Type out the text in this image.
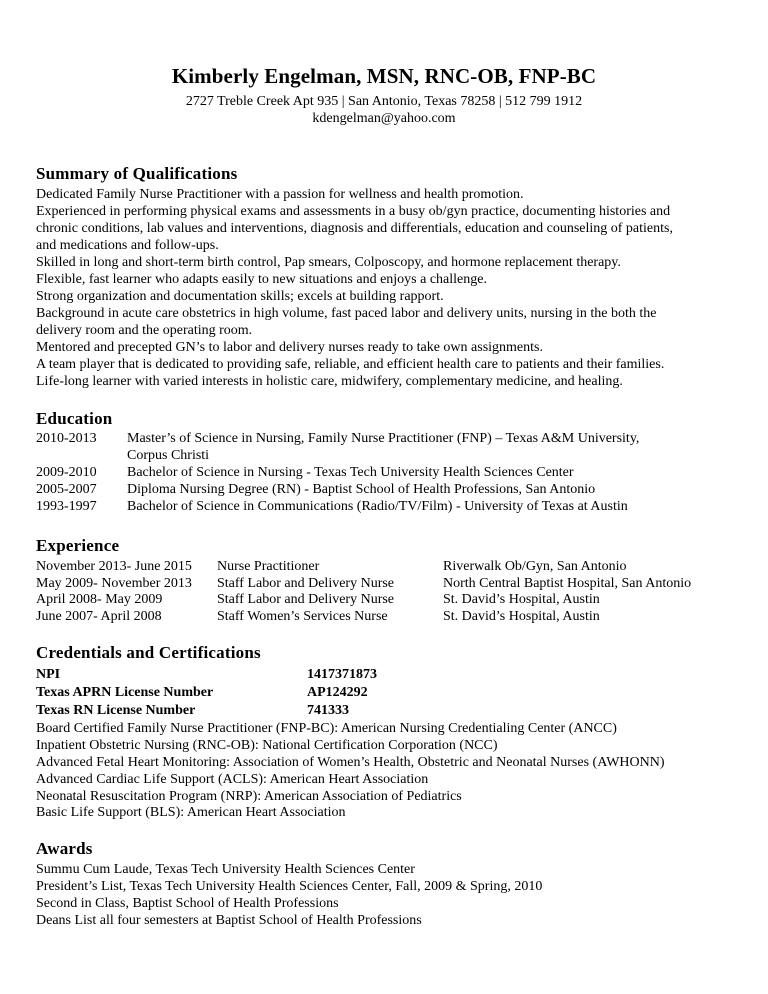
Kimberly Engelman, MSN, RNC-OB, FNP-BC
2727 Treble Creek Apt 935 | San Antonio, Texas 78258 | 512 799 1912
kdengelman@yahoo.com
Summary of Qualifications
Dedicated Family Nurse Practitioner with a passion for wellness and health promotion.
Experienced in performing physical exams and assessments in a busy ob/gyn practice, documenting histories and
chronic conditions, lab values and interventions, diagnosis and differentials, education and counseling of patients,
and medications and follow-ups.
Skilled in long and short-term birth control, Pap smears, Colposcopy, and hormone replacement therapy.
Flexible, fast learner who adapts easily to new situations and enjoys a challenge.
Strong organization and documentation skills; excels at building rapport.
Background in acute care obstetrics in high volume, fast paced labor and delivery units, nursing in the both the
delivery room and the operating room.
Mentored and precepted GN’s to labor and delivery nurses ready to take own assignments.
A team player that is dedicated to providing safe, reliable, and efficient health care to patients and their families.
Life-long learner with varied interests in holistic care, midwifery, complementary medicine, and healing.
Education
2010-2013 Master’s of Science in Nursing, Family Nurse Practitioner (FNP) – Texas A&M University,
Corpus Christi
2009-2010 Bachelor of Science in Nursing - Texas Tech University Health Sciences Center
2005-2007 Diploma Nursing Degree (RN) - Baptist School of Health Professions, San Antonio
1993-1997 Bachelor of Science in Communications (Radio/TV/Film) - University of Texas at Austin
Experience
November 2013- June 2015 Nurse Practitioner	Riverwalk Ob/Gyn, San Antonio
May 2009- November 2013 Staff Labor and Delivery Nurse	North Central Baptist Hospital, San Antonio
April 2008- May 2009	Staff Labor and Delivery Nurse	St. David’s Hospital, Austin
June 2007- April 2008	Staff Women’s Services Nurse	St. David’s Hospital, Austin
Credentials and Certifications
NPI	1417371873
Texas APRN License Number	AP124292
Texas RN License Number	741333
Board Certified Family Nurse Practitioner (FNP-BC): American Nursing Credentialing Center (ANCC)
Inpatient Obstetric Nursing (RNC-OB): National Certification Corporation (NCC)
Advanced Fetal Heart Monitoring: Association of Women’s Health, Obstetric and Neonatal Nurses (AWHONN)
Advanced Cardiac Life Support (ACLS): American Heart Association
Neonatal Resuscitation Program (NRP): American Association of Pediatrics
Basic Life Support (BLS): American Heart Association
Awards
Summu Cum Laude, Texas Tech University Health Sciences Center
President’s List, Texas Tech University Health Sciences Center, Fall, 2009 & Spring, 2010
Second in Class, Baptist School of Health Professions
Deans List all four semesters at Baptist School of Health Professions
